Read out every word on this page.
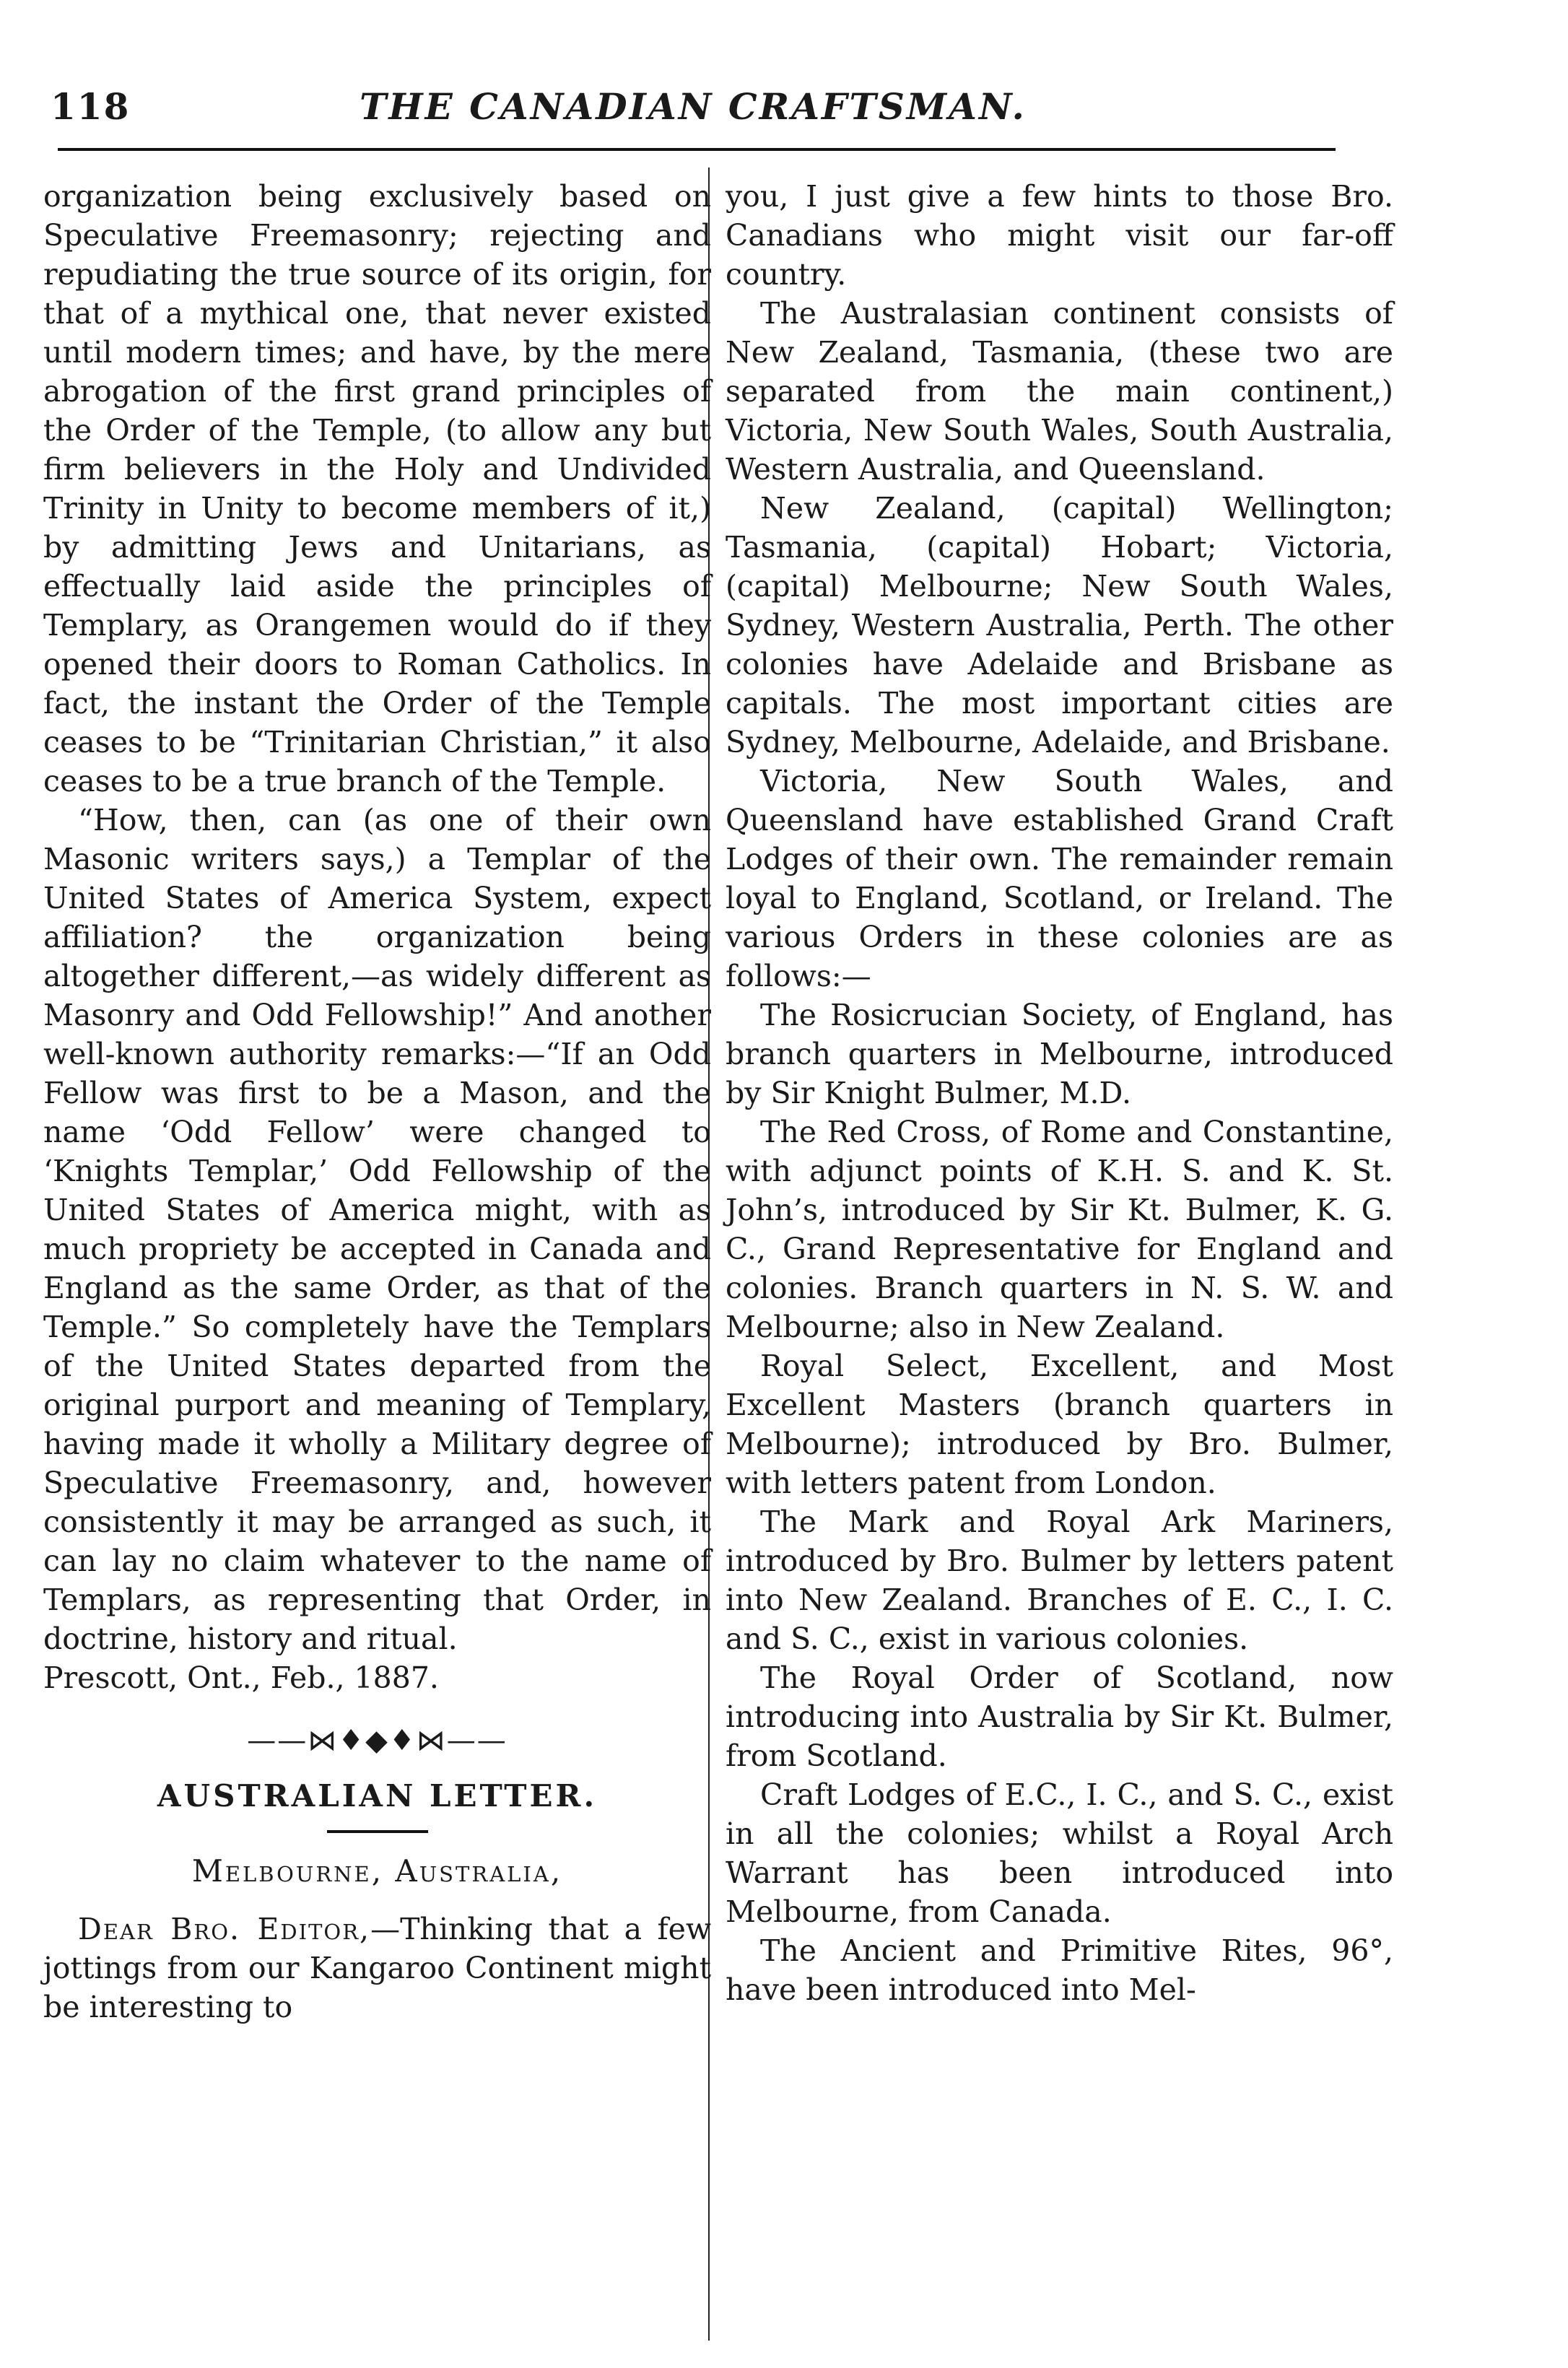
118	THE CANADIAN CRAFTSMAN.

organization being exclusively based on Speculative Freemasonry; rejecting and repudiating the true source of its origin, for that of a mythical one, that never existed until modern times; and have, by the mere abrogation of the first grand principles of the Order of the Temple, (to allow any but firm believers in the Holy and Undivided Trinity in Unity to become members of it,) by admitting Jews and Unitarians, as effectually laid aside the principles of Templary, as Orangemen would do if they opened their doors to Roman Catholics. In fact, the instant the Order of the Temple ceases to be “Trinitarian Christian,” it also ceases to be a true branch of the Temple.

“How, then, can (as one of their own Masonic writers says,) a Templar of the United States of America System, expect affiliation? the organization being altogether different,—as widely different as Masonry and Odd Fellowship!” And another well-known authority remarks:—“If an Odd Fellow was first to be a Mason, and the name ‘Odd Fellow’ were changed to ‘Knights Templar,’ Odd Fellowship of the United States of America might, with as much propriety be accepted in Canada and England as the same Order, as that of the Temple.” So completely have the Templars of the United States departed from the original purport and meaning of Templary, having made it wholly a Military degree of Speculative Freemasonry, and, however consistently it may be arranged as such, it can lay no claim whatever to the name of Templars, as representing that Order, in doctrine, history and ritual.

Prescott, Ont., Feb., 1887.

——⋈♦◆♦⋈——
AUSTRALIAN LETTER.
Melbourne, Australia,

Dear Bro. Editor,—Thinking that a few jottings from our Kangaroo Continent might be interesting to

you, I just give a few hints to those Bro. Canadians who might visit our far-off country.

The Australasian continent consists of New Zealand, Tasmania, (these two are separated from the main continent,) Victoria, New South Wales, South Australia, Western Australia, and Queensland.

New Zealand, (capital) Wellington; Tasmania, (capital) Hobart; Victoria, (capital) Melbourne; New South Wales, Sydney, Western Australia, Perth. The other colonies have Adelaide and Brisbane as capitals. The most important cities are Sydney, Melbourne, Adelaide, and Brisbane.

Victoria, New South Wales, and Queensland have established Grand Craft Lodges of their own. The remainder remain loyal to England, Scotland, or Ireland. The various Orders in these colonies are as follows:—

The Rosicrucian Society, of England, has branch quarters in Melbourne, introduced by Sir Knight Bulmer, M.D.

The Red Cross, of Rome and Constantine, with adjunct points of K.H. S. and K. St. John’s, introduced by Sir Kt. Bulmer, K. G. C., Grand Representative for England and colonies. Branch quarters in N. S. W. and Melbourne; also in New Zealand.

Royal Select, Excellent, and Most Excellent Masters (branch quarters in Melbourne); introduced by Bro. Bulmer, with letters patent from London.

The Mark and Royal Ark Mariners, introduced by Bro. Bulmer by letters patent into New Zealand. Branches of E. C., I. C. and S. C., exist in various colonies.

The Royal Order of Scotland, now introducing into Australia by Sir Kt. Bulmer, from Scotland.

Craft Lodges of E.C., I. C., and S. C., exist in all the colonies; whilst a Royal Arch Warrant has been introduced into Melbourne, from Canada.

The Ancient and Primitive Rites, 96°, have been introduced into Mel-
